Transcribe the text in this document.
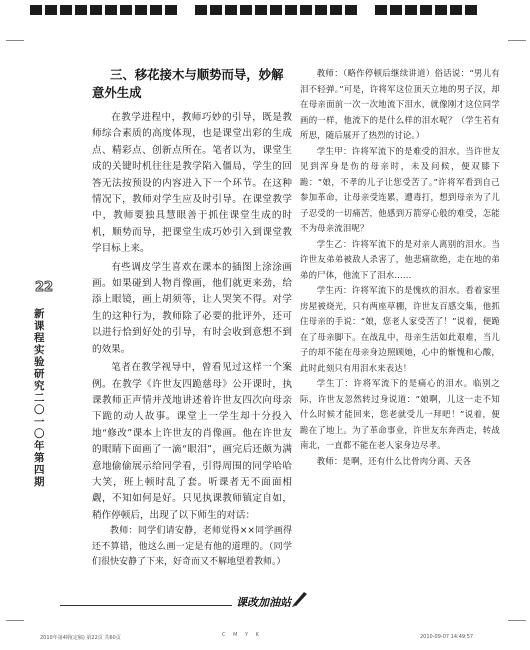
22
新课程实验研究 二〇一〇年 第四期
三、移花接木与顺势而导，妙解意外生成

在教学进程中，教师巧妙的引导，既是教师综合素质的高度体现，也是课堂出彩的生成点、精彩点、创新点所在。笔者以为，课堂生成的关键时机往往是教学陷入僵局，学生的回答无法按预设的内容进入下一个环节。在这种情况下，教师对学生应及时引导。在课堂教学中，教师要独具慧眼善于抓住课堂生成的时机，顺势而导，把课堂生成巧妙引入到课堂教学目标上来。

有些调皮学生喜欢在课本的插图上涂涂画画。如果碰到人物肖像画，他们就更来劲，给添上眼镜，画上胡须等，让人哭笑不得。对学生的这种行为，教师除了必要的批评外，还可以进行恰到好处的引导，有时会收到意想不到的效果。

笔者在教学视导中，曾看见过这样一个案例。在教学《许世友四跪慈母》公开课时，执课教师正声情并茂地讲述着许世友四次向母亲下跪的动人故事。课堂上一学生却十分投入地“修改”课本上许世友的肖像画。他在许世友的眼睛下面画了一滴“眼泪”，画完后还颇为满意地偷偷展示给同学看，引得周围的同学哈哈大笑，班上顿时乱了套。听课者无不面面相觑，不知如何是好。只见执课教师镇定自如，稍作停顿后，出现了以下师生的对话：

教师：同学们请安静，老师觉得××同学画得还不算错，他这么画一定是有他的道理的。（同学们很快安静了下来，好奇而又不解地望着教师。）

教师：（略作停顿后继续讲道）俗话说：“男儿有泪不轻弹。”可是，许将军这位顶天立地的男子汉，却在母亲面前一次一次地流下泪水，就像刚才这位同学画的一样，他流下的是什么样的泪水呢？（学生若有所思，随后展开了热烈的讨论。）

学生甲：许将军流下的是难受的泪水。当许世友见到浑身是伤的母亲时，未及问候，便双膝下跪：“娘，不孝的儿子让您受苦了。”许将军看到自己参加革命，让母亲受连累，遭毒打，想到母亲为了儿子忍受的一切痛苦，他感到万箭穿心般的难受，怎能不为母亲流泪呢？

学生乙：许将军流下的是对亲人离别的泪水。当许世友弟弟被敌人杀害了，他悲痛欲绝，走在地的弟弟的尸体，他流下了泪水......

学生丙：许将军流下的是愧疚的泪水。看着家里房屋被烧光，只有两座草棚，许世友百感交集，他抓住母亲的手说：“娘，您老人家受苦了！”说着，便跪在了母亲脚下。在战乱中，母亲生活如此艰难，当儿子的却不能在母亲身边照顾她，心中的惭愧和心酸，此时此刻只有用泪水来表达！

学生丁：许将军流下的是痛心的泪水。临别之际，许世友忽然转过身说道：“娘啊，儿这一走不知什么时候才能回来，您老就受儿一拜吧！”说着，便跪在了地上。为了革命事业，许世友东奔西走，转战南北，一直都不能在老人家身边尽孝。

教师：是啊，还有什么比骨肉分离、天各

课改加油站
2010年第4期(定稿) 第22页 共60页	C M Y K	2010-09-07 14:49:57
